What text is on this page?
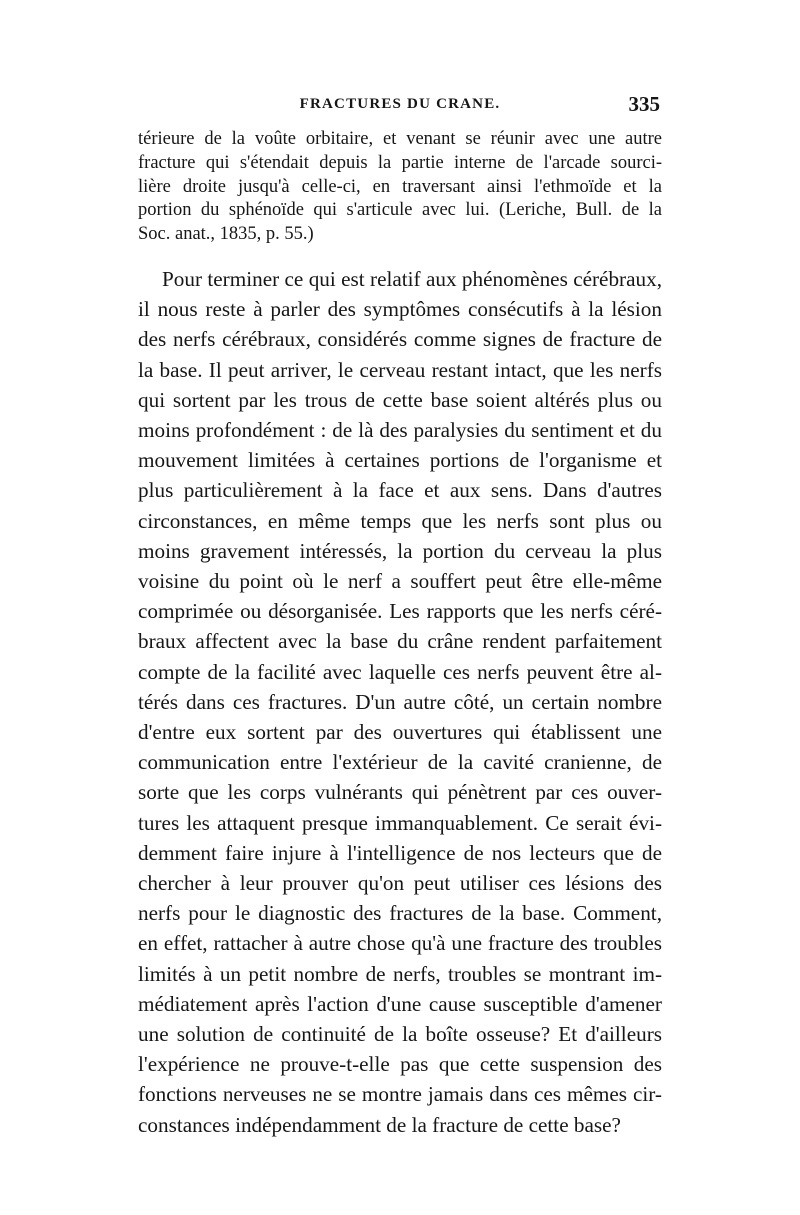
FRACTURES DU CRANE.	335
térieure de la voûte orbitaire, et venant se réunir avec une autre
fracture qui s'étendait depuis la partie interne de l'arcade sourci-
lière droite jusqu'à celle-ci, en traversant ainsi l'ethmoïde et la
portion du sphénoïde qui s'articule avec lui. (Leriche, Bull. de la
Soc. anat., 1835, p. 55.)
Pour terminer ce qui est relatif aux phénomènes cérébraux,
il nous reste à parler des symptômes consécutifs à la lésion
des nerfs cérébraux, considérés comme signes de fracture de
la base. Il peut arriver, le cerveau restant intact, que les nerfs
qui sortent par les trous de cette base soient altérés plus ou
moins profondément : de là des paralysies du sentiment et du
mouvement limitées à certaines portions de l'organisme et
plus particulièrement à la face et aux sens. Dans d'autres
circonstances, en même temps que les nerfs sont plus ou
moins gravement intéressés, la portion du cerveau la plus
voisine du point où le nerf a souffert peut être elle-même
comprimée ou désorganisée. Les rapports que les nerfs céré-
braux affectent avec la base du crâne rendent parfaitement
compte de la facilité avec laquelle ces nerfs peuvent être al-
térés dans ces fractures. D'un autre côté, un certain nombre
d'entre eux sortent par des ouvertures qui établissent une
communication entre l'extérieur de la cavité cranienne, de
sorte que les corps vulnérants qui pénètrent par ces ouver-
tures les attaquent presque immanquablement. Ce serait évi-
demment faire injure à l'intelligence de nos lecteurs que de
chercher à leur prouver qu'on peut utiliser ces lésions des
nerfs pour le diagnostic des fractures de la base. Comment,
en effet, rattacher à autre chose qu'à une fracture des troubles
limités à un petit nombre de nerfs, troubles se montrant im-
médiatement après l'action d'une cause susceptible d'amener
une solution de continuité de la boîte osseuse? Et d'ailleurs
l'expérience ne prouve-t-elle pas que cette suspension des
fonctions nerveuses ne se montre jamais dans ces mêmes cir-
constances indépendamment de la fracture de cette base?
